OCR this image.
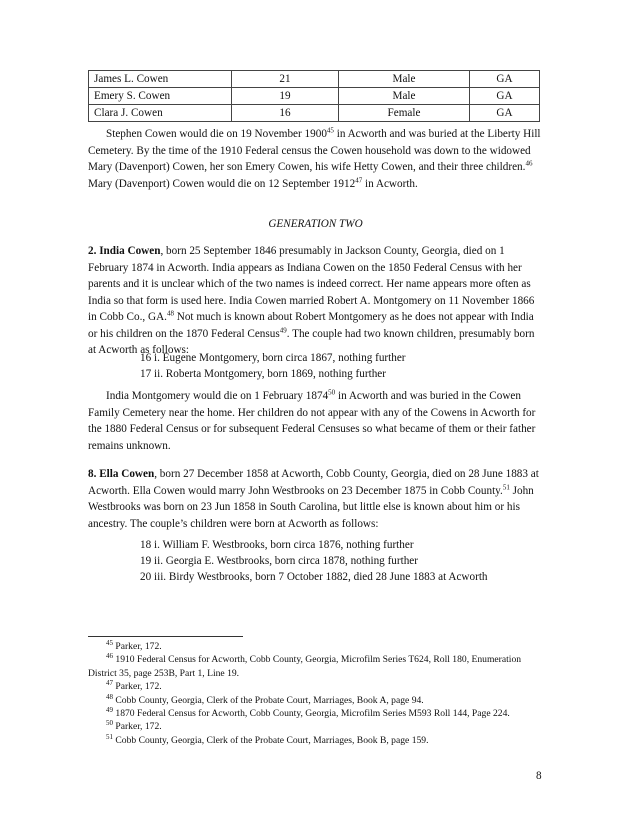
James L. Cowen	21	Male	GA
Emery S. Cowen	19	Male	GA
Clara J. Cowen	16	Female	GA

Stephen Cowen would die on 19 November 1900$^{45}$ in Acworth and was buried at the Liberty Hill Cemetery. By the time of the 1910 Federal census the Cowen household was down to the widowed Mary (Davenport) Cowen, her son Emery Cowen, his wife Hetty Cowen, and their three children.$^{46}$ Mary (Davenport) Cowen would die on 12 September 1912$^{47}$ in Acworth.

GENERATION TWO

2. India Cowen, born 25 September 1846 presumably in Jackson County, Georgia, died on 1 February 1874 in Acworth. India appears as Indiana Cowen on the 1850 Federal Census with her parents and it is unclear which of the two names is indeed correct. Her name appears more often as India so that form is used here. India Cowen married Robert A. Montgomery on 11 November 1866 in Cobb Co., GA.$^{48}$ Not much is known about Robert Montgomery as he does not appear with India or his children on the 1870 Federal Census$^{49}$. The couple had two known children, presumably born at Acworth as follows:

16 i. Eugene Montgomery, born circa 1867, nothing further
17 ii. Roberta Montgomery, born 1869, nothing further

India Montgomery would die on 1 February 1874$^{50}$ in Acworth and was buried in the Cowen Family Cemetery near the home. Her children do not appear with any of the Cowens in Acworth for the 1880 Federal Census or for subsequent Federal Censuses so what became of them or their father remains unknown.

8. Ella Cowen, born 27 December 1858 at Acworth, Cobb County, Georgia, died on 28 June 1883 at Acworth. Ella Cowen would marry John Westbrooks on 23 December 1875 in Cobb County.$^{51}$ John Westbrooks was born on 23 Jun 1858 in South Carolina, but little else is known about him or his ancestry. The couple’s children were born at Acworth as follows:

18 i. William F. Westbrooks, born circa 1876, nothing further
19 ii. Georgia E. Westbrooks, born circa 1878, nothing further
20 iii. Birdy Westbrooks, born 7 October 1882, died 28 June 1883 at Acworth
$^{45}$ Parker, 172.
$^{46}$ 1910 Federal Census for Acworth, Cobb County, Georgia, Microfilm Series T624, Roll 180, Enumeration District 35, page 253B, Part 1, Line 19.
$^{47}$ Parker, 172.
$^{48}$ Cobb County, Georgia, Clerk of the Probate Court, Marriages, Book A, page 94.
$^{49}$ 1870 Federal Census for Acworth, Cobb County, Georgia, Microfilm Series M593 Roll 144, Page 224.
$^{50}$ Parker, 172.
$^{51}$ Cobb County, Georgia, Clerk of the Probate Court, Marriages, Book B, page 159.
8
